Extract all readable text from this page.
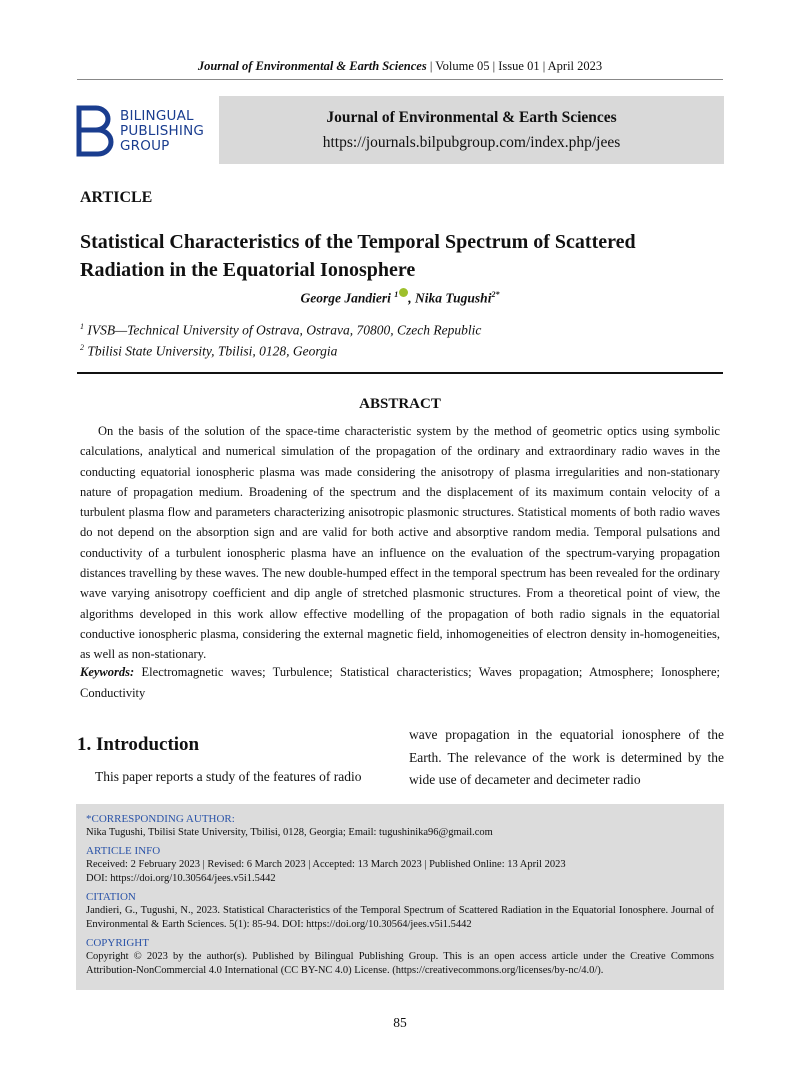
Journal of Environmental & Earth Sciences | Volume 05 | Issue 01 | April 2023
BILINGUAL
PUBLISHING
GROUP
Journal of Environmental & Earth Sciences
https://journals.bilpubgroup.com/index.php/jees
ARTICLE
Statistical Characteristics of the Temporal Spectrum of Scattered Radiation in the Equatorial Ionosphere
George Jandieri $^1$ , Nika Tugushi$^{2*}$
$^1$ IVSB—Technical University of Ostrava, Ostrava, 70800, Czech Republic
$^2$ Tbilisi State University, Tbilisi, 0128, Georgia
ABSTRACT
On the basis of the solution of the space-time characteristic system by the method of geometric optics using symbolic calculations, analytical and numerical simulation of the propagation of the ordinary and extraordinary radio waves in the conducting equatorial ionospheric plasma was made considering the anisotropy of plasma irregularities and non-stationary nature of propagation medium. Broadening of the spectrum and the displacement of its maximum contain velocity of a turbulent plasma flow and parameters characterizing anisotropic plasmonic structures. Statistical moments of both radio waves do not depend on the absorption sign and are valid for both active and absorptive random media. Temporal pulsations and conductivity of a turbulent ionospheric plasma have an influence on the evaluation of the spectrum-varying propagation distances travelling by these waves. The new double-humped effect in the temporal spectrum has been revealed for the ordinary wave varying anisotropy coefficient and dip angle of stretched plasmonic structures. From a theoretical point of view, the algorithms developed in this work allow effective modelling of the propagation of both radio signals in the equatorial conductive ionospheric plasma, considering the external magnetic field, inhomogeneities of electron density in-homogeneities, as well as non-stationary.
Keywords: Electromagnetic waves; Turbulence; Statistical characteristics; Waves propagation; Atmosphere; Ionosphere; Conductivity
1. Introduction
This paper reports a study of the features of radio
wave propagation in the equatorial ionosphere of the Earth. The relevance of the work is determined by the wide use of decameter and decimeter radio
*CORRESPONDING AUTHOR:
Nika Tugushi, Tbilisi State University, Tbilisi, 0128, Georgia; Email: tugushinika96@gmail.com
ARTICLE INFO
Received: 2 February 2023 | Revised: 6 March 2023 | Accepted: 13 March 2023 | Published Online: 13 April 2023
DOI: https://doi.org/10.30564/jees.v5i1.5442
CITATION
Jandieri, G., Tugushi, N., 2023. Statistical Characteristics of the Temporal Spectrum of Scattered Radiation in the Equatorial Ionosphere. Journal of Environmental & Earth Sciences. 5(1): 85-94. DOI: https://doi.org/10.30564/jees.v5i1.5442
COPYRIGHT
Copyright © 2023 by the author(s). Published by Bilingual Publishing Group. This is an open access article under the Creative Commons Attribution-NonCommercial 4.0 International (CC BY-NC 4.0) License. (https://creativecommons.org/licenses/by-nc/4.0/).
85
